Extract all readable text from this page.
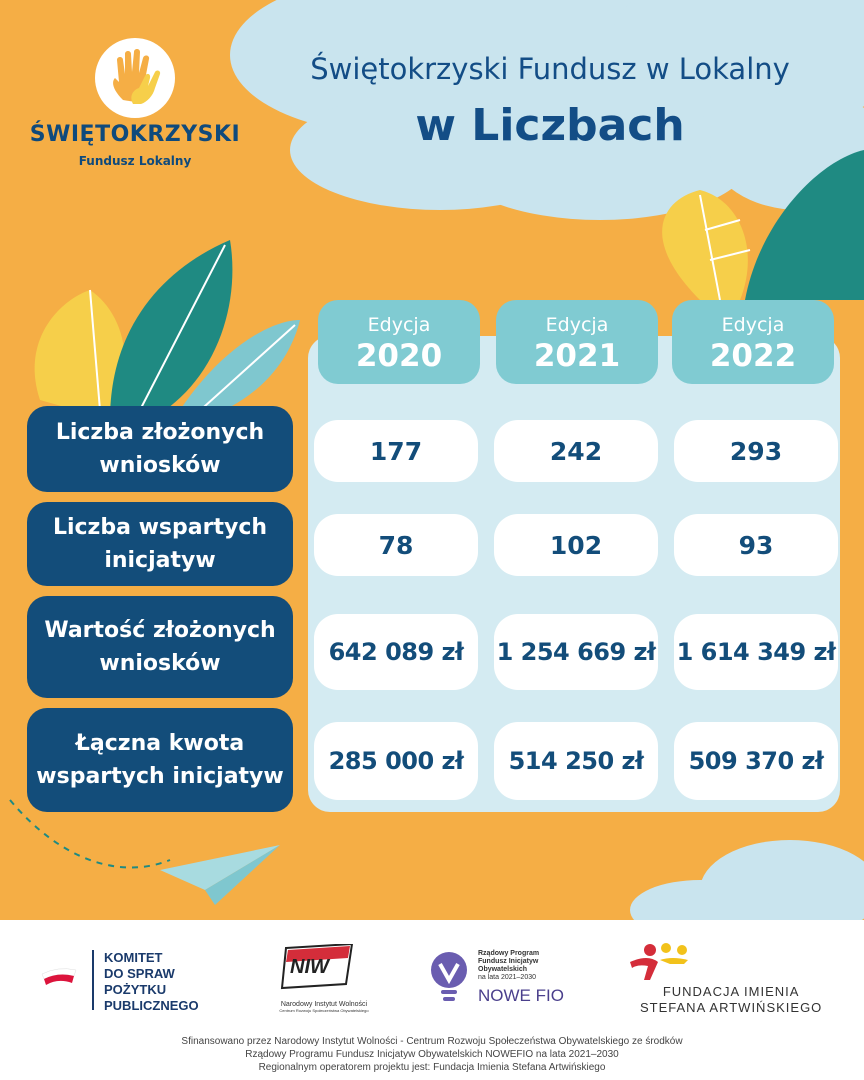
ŚWIĘTOKRZYSKI
Fundusz Lokalny
Świętokrzyski Fundusz w Lokalny
w Liczbach
Edycja
2020
Edycja
2021
Edycja
2022
Liczba złożonych
wniosków	177	242	293
Liczba wspartych
inicjatyw
78	102	93
Wartość złożonych
wniosków	642 089 zł	1 254 669 zł 1 614 349 zł
Łączna kwota
wspartych inicjatyw
285 000 zł	514 250 zł	509 370 zł
KOMITET
DO SPRAW
POŻYTKU
PUBLICZNEGO
NIW
Narodowy Instytut Wolności
Centrum Rozwoju Społeczeństwa Obywatelskiego
Rządowy Program
Fundusz Inicjatyw
Obywatelskich
na lata 2021–2030
NOWE FIO	FUNDACJA IMIENIA
STEFANA ARTWIŃSKIEGO
Sfinansowano przez Narodowy Instytut Wolności - Centrum Rozwoju Społeczeństwa Obywatelskiego ze środków
Rządowy Programu Fundusz Inicjatyw Obywatelskich NOWEFIO na lata 2021–2030
Regionalnym operatorem projektu jest: Fundacja Imienia Stefana Artwińskiego
